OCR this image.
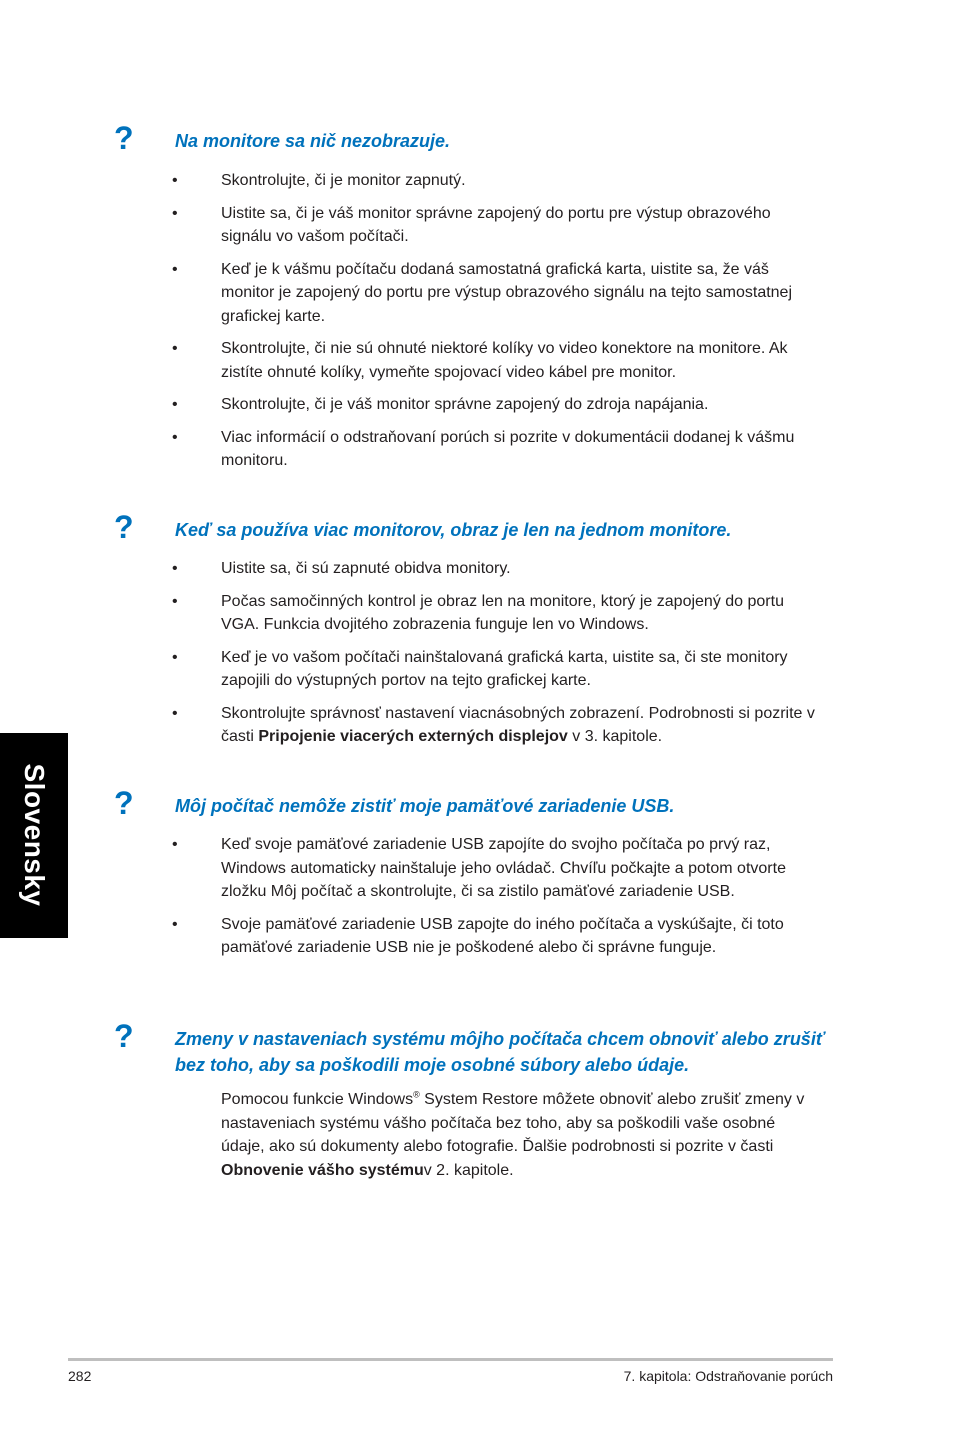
Slovensky
? Na monitore sa nič nezobrazuje.
•	Skontrolujte, či je monitor zapnutý.
•	Uistite sa, či je váš monitor správne zapojený do portu pre výstup obrazového signálu vo vašom počítači.
•	Keď je k vášmu počítaču dodaná samostatná grafická karta, uistite sa, že váš monitor je zapojený do portu pre výstup obrazového signálu na tejto samostatnej grafickej karte.
•	Skontrolujte, či nie sú ohnuté niektoré kolíky vo video konektore na monitore. Ak zistíte ohnuté kolíky, vymeňte spojovací video kábel pre monitor.
•	Skontrolujte, či je váš monitor správne zapojený do zdroja napájania.
•	Viac informácií o odstraňovaní porúch si pozrite v dokumentácii dodanej k vášmu monitoru.
? Keď sa používa viac monitorov, obraz je len na jednom monitore.
•	Uistite sa, či sú zapnuté obidva monitory.
•	Počas samočinných kontrol je obraz len na monitore, ktorý je zapojený do portu VGA. Funkcia dvojitého zobrazenia funguje len vo Windows.
•	Keď je vo vašom počítači nainštalovaná grafická karta, uistite sa, či ste monitory zapojili do výstupných portov na tejto grafickej karte.
•	Skontrolujte správnosť nastavení viacnásobných zobrazení. Podrobnosti si pozrite v časti Pripojenie viacerých externých displejov v 3. kapitole.
? Môj počítač nemôže zistiť moje pamäťové zariadenie USB.
•	Keď svoje pamäťové zariadenie USB zapojíte do svojho počítača po prvý raz, Windows automaticky nainštaluje jeho ovládač. Chvíľu počkajte a potom otvorte zložku Môj počítač a skontrolujte, či sa zistilo pamäťové zariadenie USB.
•	Svoje pamäťové zariadenie USB zapojte do iného počítača a vyskúšajte, či toto pamäťové zariadenie USB nie je poškodené alebo či správne funguje.
? Zmeny v nastaveniach systému môjho počítača chcem obnoviť alebo zrušiť bez toho, aby sa poškodili moje osobné súbory alebo údaje.
Pomocou funkcie Windows® System Restore môžete obnoviť alebo zrušiť zmeny v nastaveniach systému vášho počítača bez toho, aby sa poškodili vaše osobné údaje, ako sú dokumenty alebo fotografie. Ďalšie podrobnosti si pozrite v časti Obnovenie vášho systémuv 2. kapitole.
282	7. kapitola: Odstraňovanie porúch
